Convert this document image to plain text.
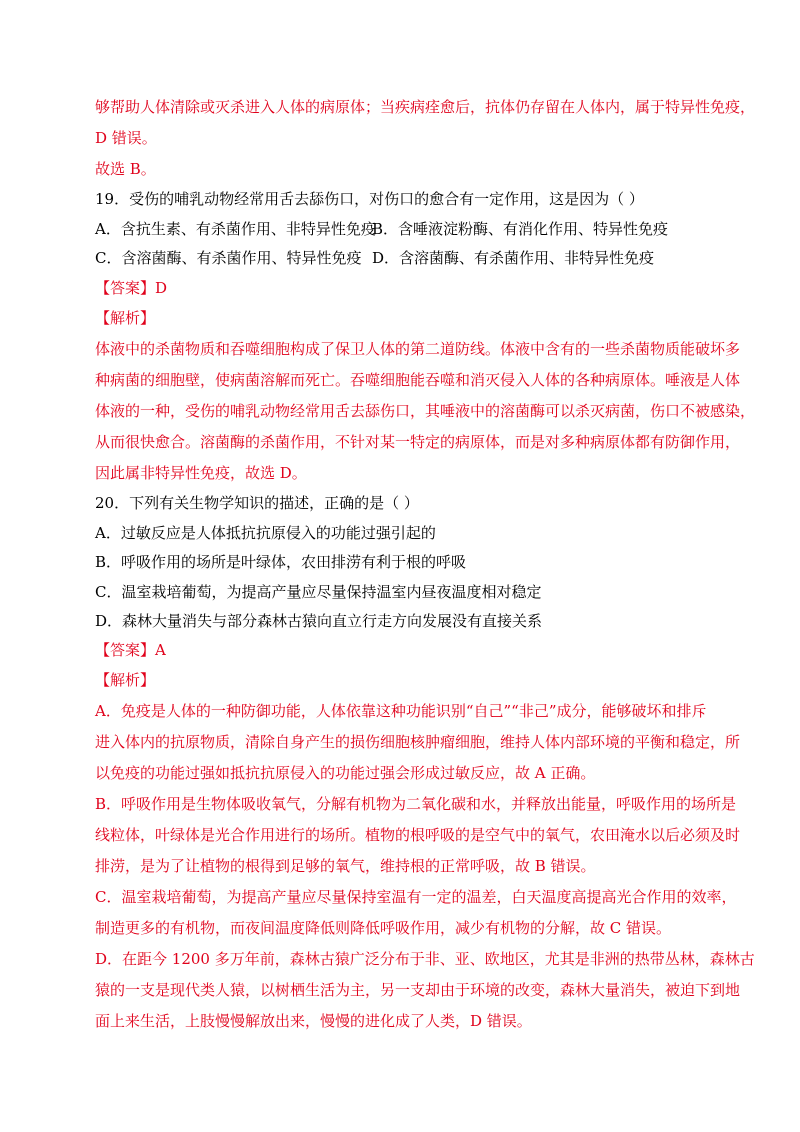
够帮助人体清除或灭杀进入人体的病原体；当疾病痊愈后，抗体仍存留在人体内，属于特异性免疫，
D 错误。
故选 B。
19．受伤的哺乳动物经常用舌去舔伤口，对伤口的愈合有一定作用，这是因为（ ）
A．含抗生素、有杀菌作用、非特异性免疫
B．含唾液淀粉酶、有消化作用、特异性免疫
C．含溶菌酶、有杀菌作用、特异性免疫 D．含溶菌酶、有杀菌作用、非特异性免疫
【答案】D
【解析】
体液中的杀菌物质和吞噬细胞构成了保卫人体的第二道防线。体液中含有的一些杀菌物质能破坏多
种病菌的细胞壁，使病菌溶解而死亡。吞噬细胞能吞噬和消灭侵入人体的各种病原体。唾液是人体
体液的一种，受伤的哺乳动物经常用舌去舔伤口，其唾液中的溶菌酶可以杀灭病菌，伤口不被感染，
从而很快愈合。溶菌酶的杀菌作用，不针对某一特定的病原体，而是对多种病原体都有防御作用，
因此属非特异性免疫，故选 D。
20．下列有关生物学知识的描述，正确的是（ ）
A．过敏反应是人体抵抗抗原侵入的功能过强引起的
B．呼吸作用的场所是叶绿体，农田排涝有利于根的呼吸
C．温室栽培葡萄，为提高产量应尽量保持温室内昼夜温度相对稳定
D．森林大量消失与部分森林古猿向直立行走方向发展没有直接关系
【答案】A
【解析】
A．免疫是人体的一种防御功能，人体依靠这种功能识别“自己”“非己”成分，能够破坏和排斥
进入体内的抗原物质，清除自身产生的损伤细胞核肿瘤细胞，维持人体内部环境的平衡和稳定，所
以免疫的功能过强如抵抗抗原侵入的功能过强会形成过敏反应，故 A 正确。
B．呼吸作用是生物体吸收氧气，分解有机物为二氧化碳和水，并释放出能量，呼吸作用的场所是
线粒体，叶绿体是光合作用进行的场所。植物的根呼吸的是空气中的氧气，农田淹水以后必须及时
排涝，是为了让植物的根得到足够的氧气，维持根的正常呼吸，故 B 错误。
C．温室栽培葡萄，为提高产量应尽量保持室温有一定的温差，白天温度高提高光合作用的效率，
制造更多的有机物，而夜间温度降低则降低呼吸作用，减少有机物的分解，故 C 错误。
D．在距今 1200 多万年前，森林古猿广泛分布于非、亚、欧地区，尤其是非洲的热带丛林，森林古
猿的一支是现代类人猿，以树栖生活为主，另一支却由于环境的改变，森林大量消失，被迫下到地
面上来生活，上肢慢慢解放出来，慢慢的进化成了人类，D 错误。
